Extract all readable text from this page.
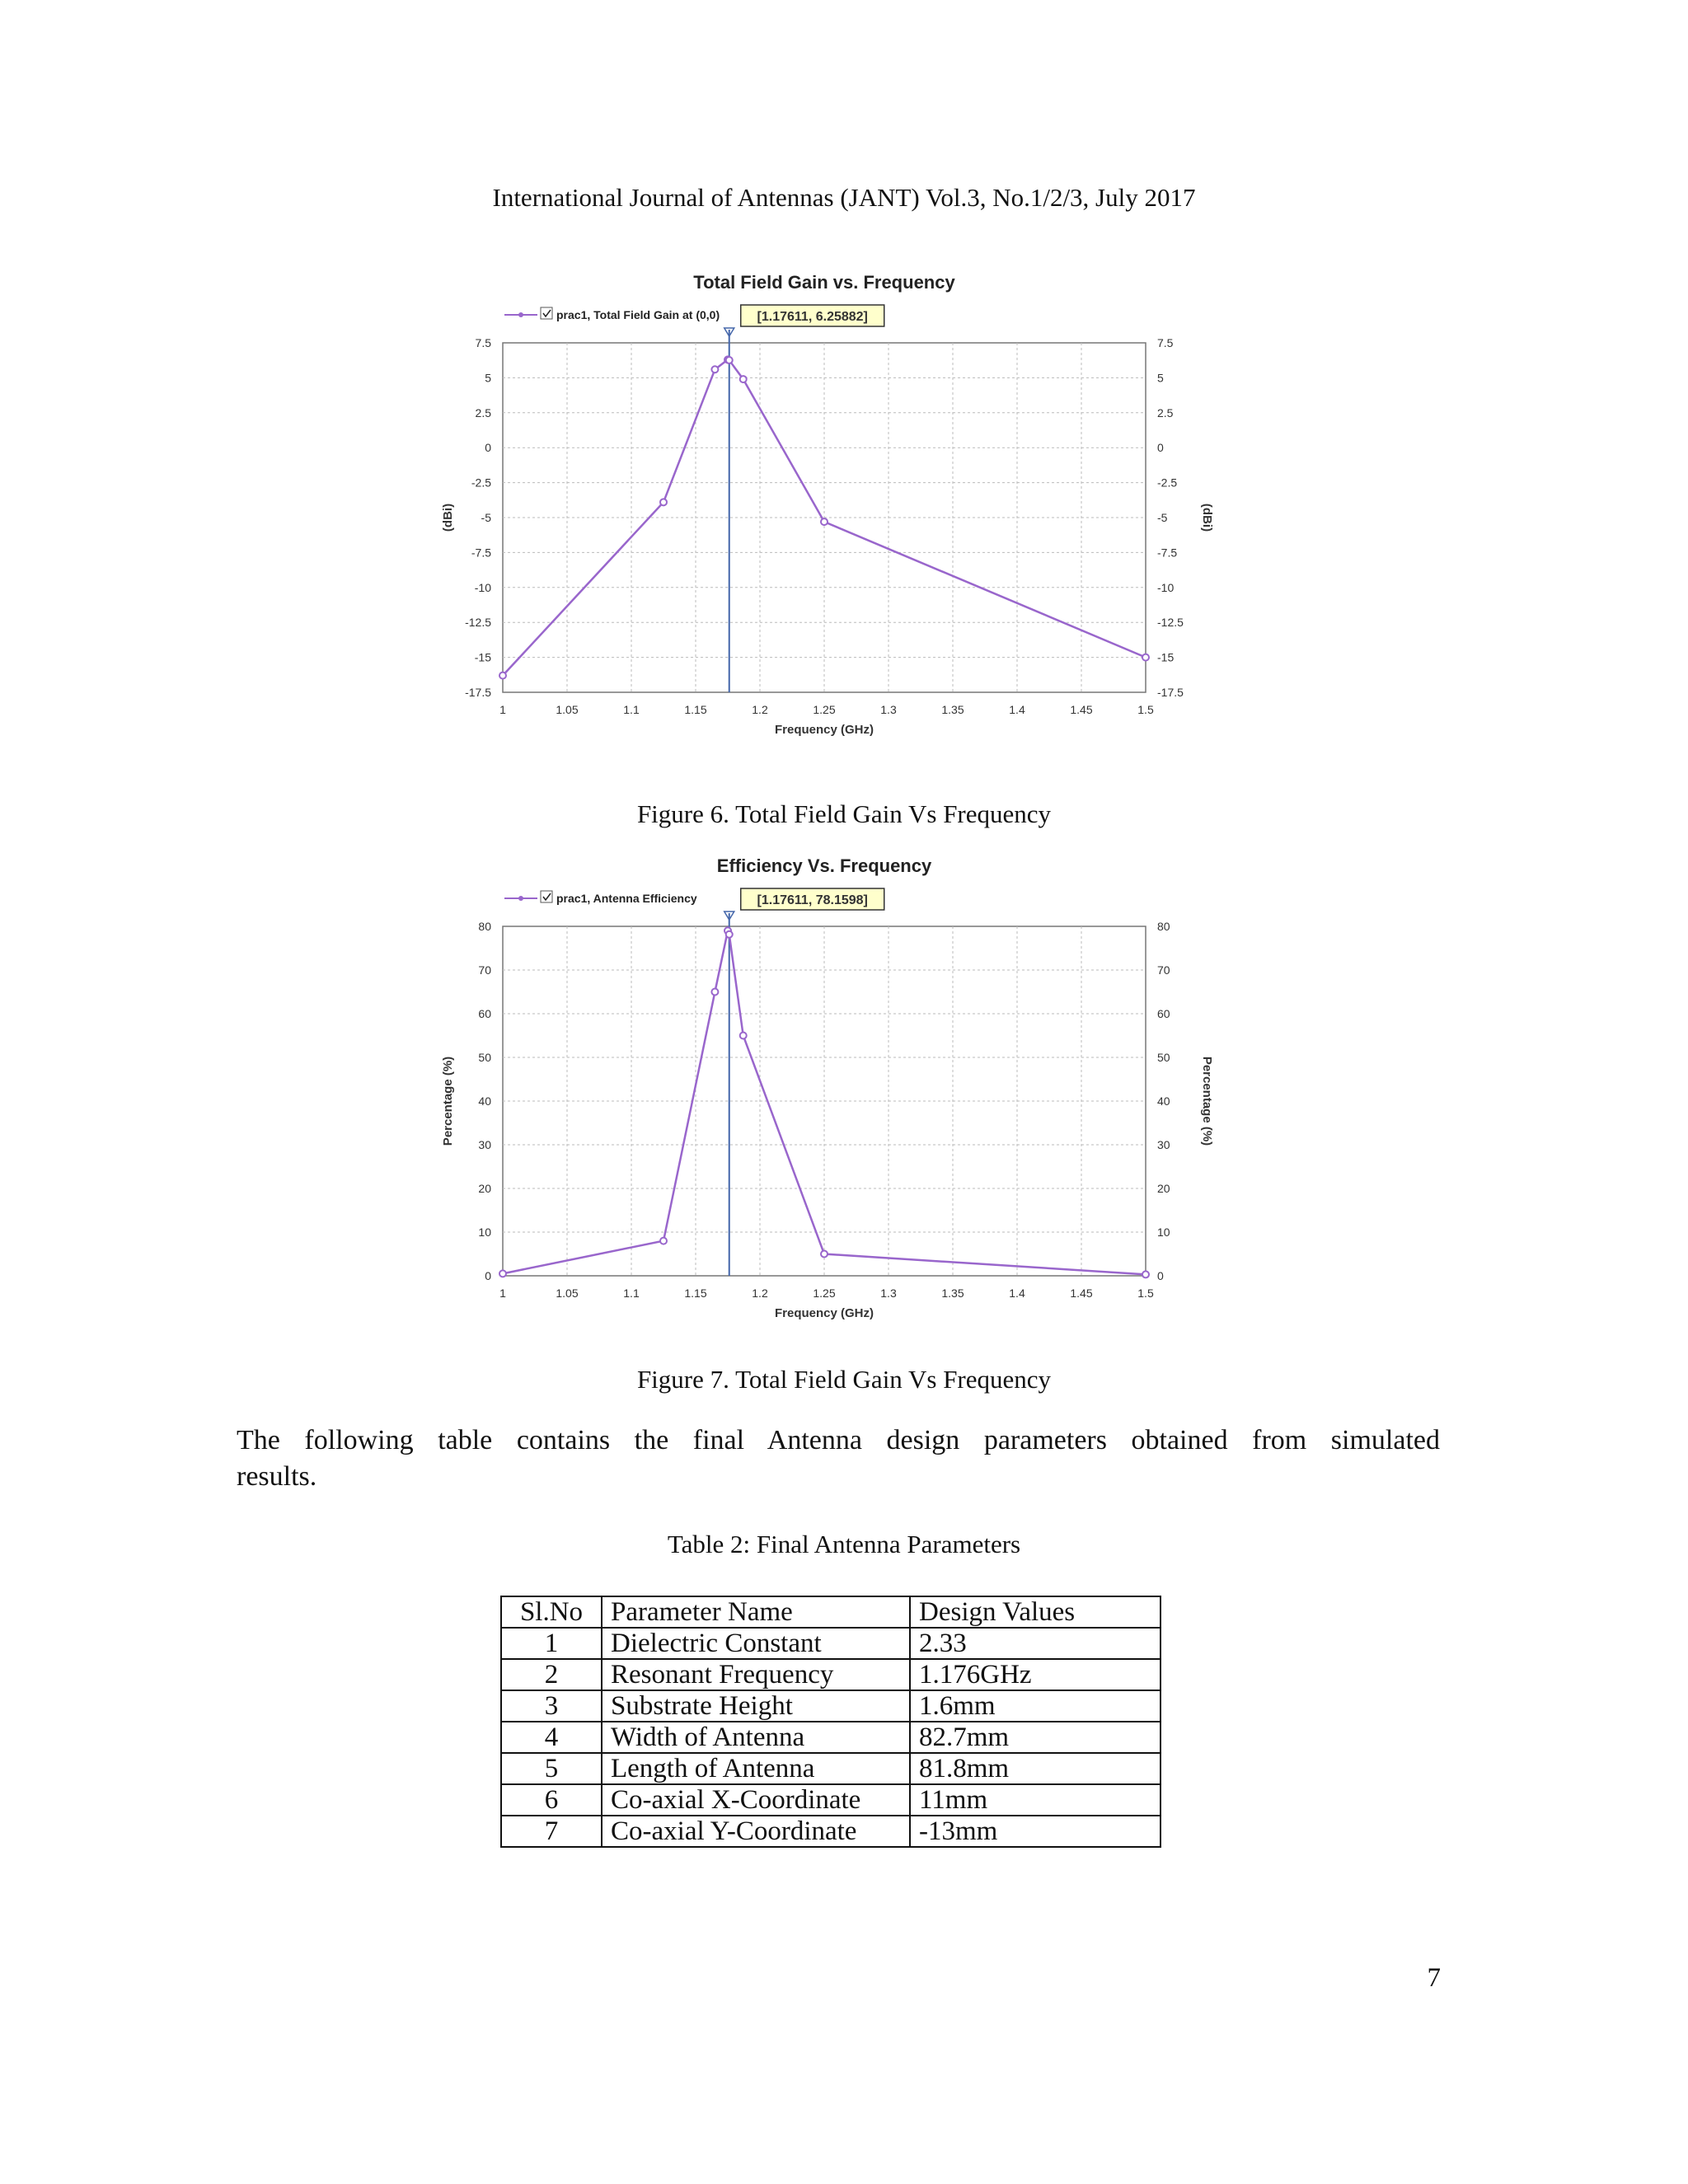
International Journal of Antennas (JANT) Vol.3, No.1/2/3, July 2017
Total Field Gain vs. Frequency
prac1, Total Field Gain at (0,0)	[1.17611, 6.25882]
1	1.05	1.1	1.15	1.2	1.25	1.3	1.35	1.4	1.45	1.5
7.5	7.5
5	5
2.5	2.5
0	0
-2.5	-2.5
-5	-5
-7.5	-7.5
-10	-10
-12.5	-12.5
-15	-15
-17.5	-17.5
Frequency (GHz)
(dBi)	(dBi)
Figure 6. Total Field Gain Vs Frequency
Efficiency Vs. Frequency
prac1, Antenna Efficiency	[1.17611, 78.1598]
1	1.05	1.1	1.15	1.2	1.25	1.3	1.35	1.4	1.45	1.5
80	80
70	70
60	60
50	50
40	40
30	30
20	20
10	10
0	0
Frequency (GHz)
Percentage (%)	Percentage (%)
Figure 7. Total Field Gain Vs Frequency
The following table contains the final Antenna design parameters obtained from simulated
results.
Table 2: Final Antenna Parameters
Sl.No	Parameter Name	Design Values
1	Dielectric Constant	2.33
2	Resonant Frequency	1.176GHz
3	Substrate Height	1.6mm
4	Width of Antenna	82.7mm
5	Length of Antenna	81.8mm
6	Co-axial X-Coordinate	11mm
7	Co-axial Y-Coordinate	-13mm
7
